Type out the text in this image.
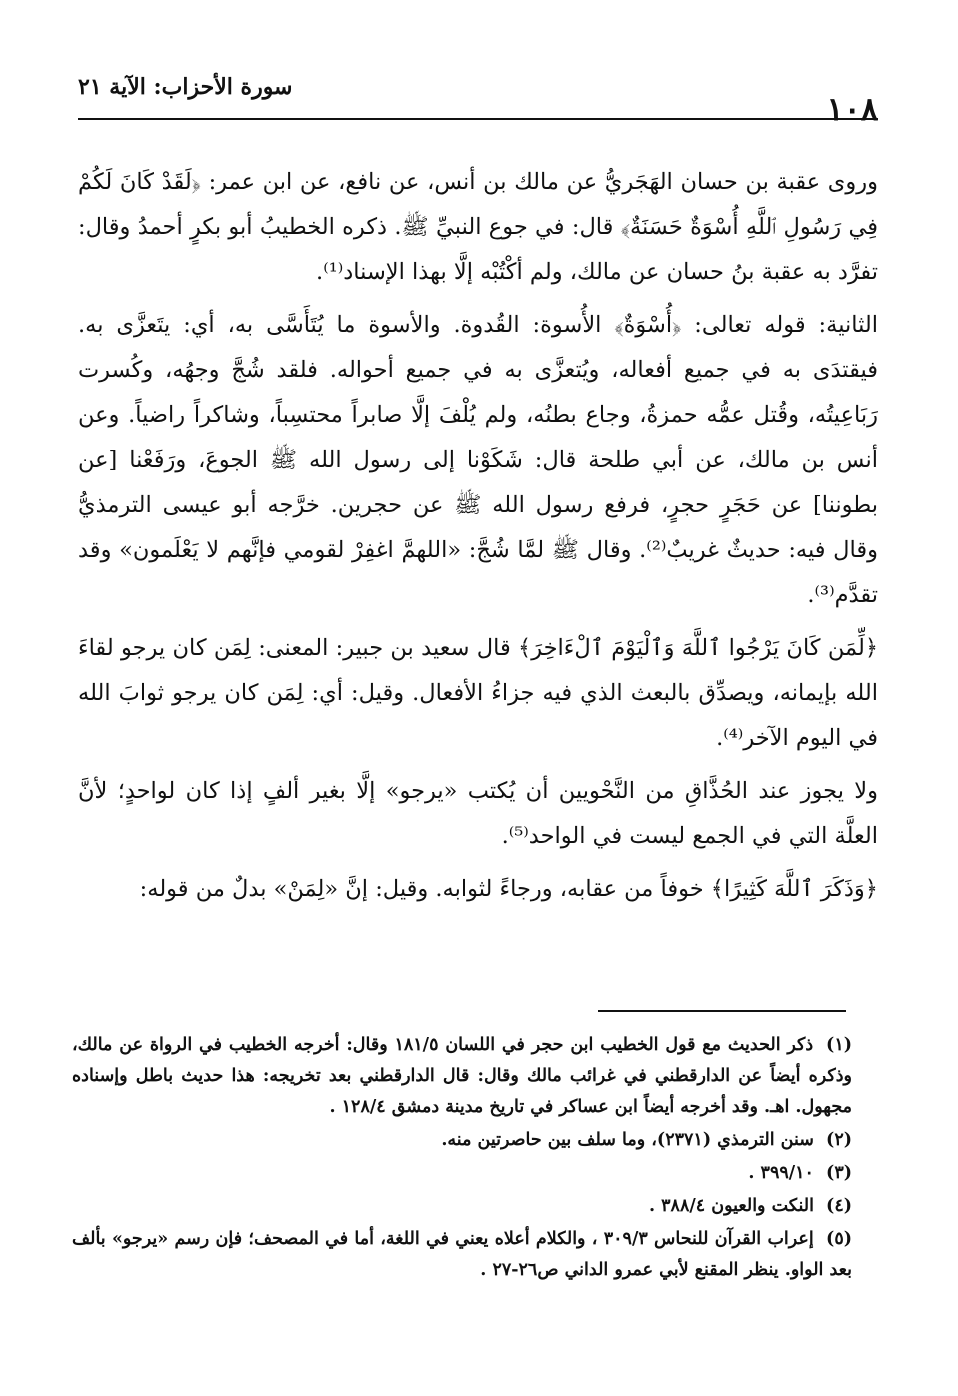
سورة الأحزاب: الآية ٢١
١٠٨

وروى عقبة بن حسان الهَجَريُّ عن مالك بن أنس، عن نافع، عن ابن عمر: ﴿لَقَدْ كَانَ لَكُمْ فِي رَسُولِ ٱللَّهِ أُسْوَةٌ حَسَنَةٌ﴾ قال: في جوع النبيِّ ﷺ. ذكره الخطيبُ أبو بكرٍ أحمدُ وقال: تفرَّد به عقبة بنُ حسان عن مالك، ولم أكْتُبْه إلَّا بهذا الإسناد⁽¹⁾.

الثانية: قوله تعالى: ﴿أُسْوَةٌ﴾ الأُسوة: القُدوة. والأسوة ما يُتَأَسَّى به، أي: يتَعزَّى به. فيقتدَى به في جميع أفعاله، ويُتعزَّى به في جميع أحواله. فلقد شُجَّ وجهُه، وكُسرت رَبَاعِيتُه، وقُتل عمُّه حمزةُ، وجاع بطنُه، ولم يُلْفَ إلَّا صابراً محتسِباً، وشاكراً راضياً. وعن أنس بن مالك، عن أبي طلحة قال: شَكَوْنا إلى رسول الله ﷺ الجوعَ، ورَفَعْنا [عن بطوننا] عن حَجَرٍ حجرٍ، فرفع رسول الله ﷺ عن حجرين. خرَّجه أبو عيسى الترمذيُّ وقال فيه: حديثٌ غريبٌ⁽²⁾. وقال ﷺ لمَّا شُجَّ: «اللهمَّ اغفِرْ لقومي فإنَّهم لا يَعْلَمون» وقد تقدَّم⁽³⁾.

﴿لِّمَن كَانَ يَرْجُوا ٱللَّهَ وَٱلْيَوْمَ ٱلْءَاخِرَ﴾ قال سعيد بن جبير: المعنى: لِمَن كان يرجو لقاءَ الله بإيمانه، ويصدِّق بالبعث الذي فيه جزاءُ الأفعال. وقيل: أي: لِمَن كان يرجو ثوابَ الله في اليوم الآخر⁽⁴⁾.

ولا يجوز عند الحُذَّاقِ من النَّحْويين أن يُكتب «يرجو» إلَّا بغير ألفٍ إذا كان لواحدٍ؛ لأنَّ العلَّة التي في الجمع ليست في الواحد⁽⁵⁾.

﴿وَذَكَرَ ٱللَّهَ كَثِيرًا﴾ خوفاً من عقابه، ورجاءً لثوابه. وقيل: إنَّ «لِمَنْ» بدلٌ من قوله:

(١) ذكر الحديث مع قول الخطيب ابن حجر في اللسان ١٨١/٥ وقال: أخرجه الخطيب في الرواة عن مالك، وذكره أيضاً عن الدارقطني في غرائب مالك وقال: قال الدارقطني بعد تخريجه: هذا حديث باطل وإسناده مجهول. اهـ. وقد أخرجه أيضاً ابن عساكر في تاريخ مدينة دمشق ١٢٨/٤ .

(٢) سنن الترمذي (٢٣٧١)، وما سلف بين حاصرتين منه.

(٣) ٣٩٩/١٠ .

(٤) النكت والعيون ٣٨٨/٤ .

(٥) إعراب القرآن للنحاس ٣٠٩/٣ ، والكلام أعلاه يعني في اللغة، أما في المصحف؛ فإن رسم «يرجو» بألف بعد الواو. ينظر المقنع لأبي عمرو الداني ص٢٦-٢٧ .
